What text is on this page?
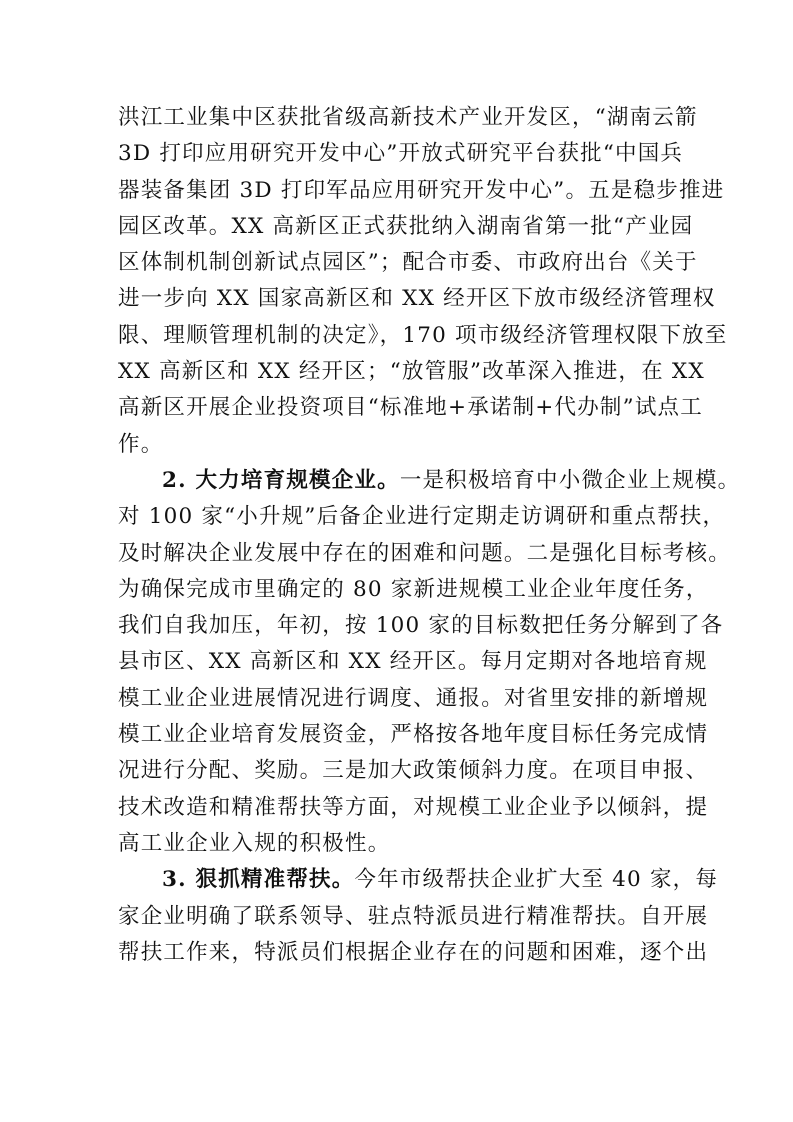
洪江工业集中区获批省级高新技术产业开发区，“湖南云箭
3D 打印应用研究开发中心”开放式研究平台获批“中国兵
器装备集团 3D 打印军品应用研究开发中心”。五是稳步推进
园区改革。XX 高新区正式获批纳入湖南省第一批“产业园
区体制机制创新试点园区”；配合市委、市政府出台《关于
进一步向 XX 国家高新区和 XX 经开区下放市级经济管理权
限、理顺管理机制的决定》，170 项市级经济管理权限下放至
XX 高新区和 XX 经开区；“放管服”改革深入推进，在 XX
高新区开展企业投资项目“标准地+承诺制+代办制”试点工
作。
2. 大力培育规模企业。一是积极培育中小微企业上规模。
对 100 家“小升规”后备企业进行定期走访调研和重点帮扶，
及时解决企业发展中存在的困难和问题。二是强化目标考核。
为确保完成市里确定的 80 家新进规模工业企业年度任务，
我们自我加压，年初，按 100 家的目标数把任务分解到了各
县市区、XX 高新区和 XX 经开区。每月定期对各地培育规
模工业企业进展情况进行调度、通报。对省里安排的新增规
模工业企业培育发展资金，严格按各地年度目标任务完成情
况进行分配、奖励。三是加大政策倾斜力度。在项目申报、
技术改造和精准帮扶等方面，对规模工业企业予以倾斜，提
高工业企业入规的积极性。
3. 狠抓精准帮扶。今年市级帮扶企业扩大至 40 家，每
家企业明确了联系领导、驻点特派员进行精准帮扶。自开展
帮扶工作来，特派员们根据企业存在的问题和困难，逐个出
